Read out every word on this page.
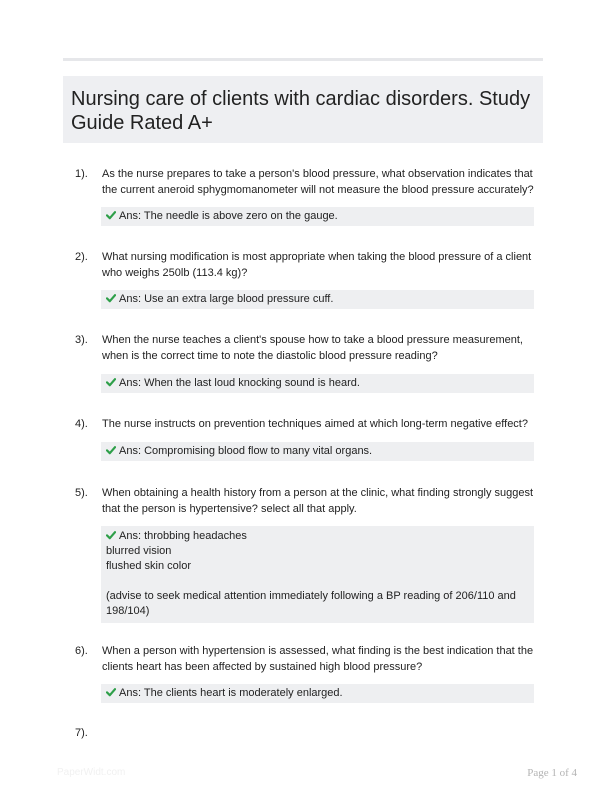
Nursing care of clients with cardiac disorders. Study Guide Rated A+
1). As the nurse prepares to take a person's blood pressure, what observation indicates that the current aneroid sphygmomanometer will not measure the blood pressure accurately?
Ans: The needle is above zero on the gauge.
2). What nursing modification is most appropriate when taking the blood pressure of a client who weighs 250lb (113.4 kg)?
Ans: Use an extra large blood pressure cuff.
3). When the nurse teaches a client's spouse how to take a blood pressure measurement, when is the correct time to note the diastolic blood pressure reading?
Ans: When the last loud knocking sound is heard.
4). The nurse instructs on prevention techniques aimed at which long-term negative effect?
Ans: Compromising blood flow to many vital organs.
5). When obtaining a health history from a person at the clinic, what finding strongly suggest that the person is hypertensive? select all that apply.
Ans: throbbing headaches
blurred vision
flushed skin color
(advise to seek medical attention immediately following a BP reading of 206/110 and 198/104)
6). When a person with hypertension is assessed, what finding is the best indication that the clients heart has been affected by sustained high blood pressure?
Ans: The clients heart is moderately enlarged.
7).
PaperWidt.com	Page 1 of 4
